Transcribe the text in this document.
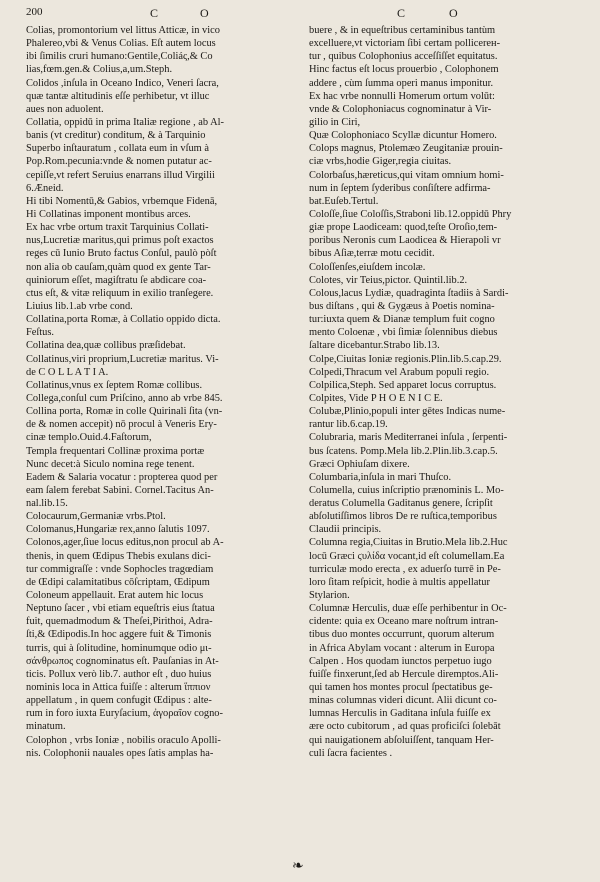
200	C	O	C	O
Colias, promontorium vel littus Atticæ, in vico
Phalereo,vbi & Venus Colias. Eſt autem locus
ibi ſimilis cruri humano:Gentile,Coliáς,& Co
lias,fœm.gen.& Colius,a,um.Steph.
Colidos ,inſula in Oceano Indico, Veneri ſacra,
quæ tantæ altitudinis eſſe perhibetur, vt illuc
aues non aduolent.
Collatia, oppidū in prima Italiæ regione , ab Al-
banis (vt creditur) conditum, & à Tarquinio
Superbo inſtauratum , collata eum in vſum à
Pop.Rom.pecunia:vnde & nomen putatur ac-
cepiſſe,vt refert Seruius enarrans illud Virgilii
6.Æneid.
Hi tibi Nomentū,& Gabios, vrbemque Fidenā,
Hi Collatinas imponent montibus arces.
Ex hac vrbe ortum traxit Tarquinius Collati-
nus,Lucretiæ maritus,qui primus poſt exactos
reges cū Iunio Bruto factus Conſul, paulò pòſt
non alia ob cauſam,quàm quod ex gente Tar-
quiniorum eſſet, magiſtratu ſe abdicare coa-
ctus eſt, & vitæ reliquum in exilio tranſegere.
Liuius lib.1.ab vrbe cond.
Collatina,porta Romæ, à Collatio oppido dicta.
Feſtus.
Collatina dea,quæ collibus præſidebat.
Collatinus,viri proprium,Lucretiæ maritus. Vi-
de C O L L A T I A.
Collatinus,vnus ex ſeptem Romæ collibus.
Collega,conſul cum Priſcino, anno ab vrbe 845.
Collina porta, Romæ in colle Quirinali ſita (vn-
de & nomen accepit) nō procul à Veneris Ery-
cinæ templo.Ouid.4.Faſtorum,
Templa frequentari Collinæ proxima portæ
Nunc decet:à Siculo nomina rege tenent.
Eadem & Salaria vocatur : propterea quod per
eam ſalem ferebat Sabini. Cornel.Tacitus An-
nal.lib.15.
Colocaurum,Germaniæ vrbs.Ptol.
Colomanus,Hungariæ rex,anno ſalutis 1097.
Colonos,ager,ſiue locus editus,non procul ab A-
thenis, in quem Œdipus Thebis exulans dici-
tur commigraſſe : vnde Sophocles tragœdiam
de Œdipi calamitatibus cōſcriptam, Œdipum
Coloneum appellauit. Erat autem hic locus
Neptuno ſacer , vbi etiam equeſtris eius ſtatua
fuit, quemadmodum & Theſei,Pirithoi, Adra-
ſti,& Œdipodis.In hoc aggere fuit & Timonis
turris, qui à ſolitudine, hominumque odio μι-
σάνθρωπος cognominatus eſt. Pauſanias in At-
ticis. Pollux verò lib.7. author eſt , duo huius
nominis loca in Attica fuiſſe : alterum ἵππιον
appellatum , in quem confugit Œdipus : alte-
rum in foro iuxta Euryſacium, ἀγοραῖον cogno-
minatum.
Colophon , vrbs Ioniæ , nobilis oraculo Apolli-
nis. Colophonii nauales opes ſatis amplas ha-
buere , & in equeſtribus certaminibus tantùm
excelluere,vt victoriam ſibi certam pollicerен-
tur , quibus Colophonius acceſſiſſet equitatus.
Hinc factus eſt locus prouerbio , Colophonem
addere , cùm ſumma operi manus imponitur.
Ex hac vrbe nonnulli Homerum ortum volūt:
vnde & Colophoniacus cognominatur à Vir-
gilio in Ciri,
Quæ Colophoniaco Scyllæ dicuntur Homero.
Colops magnus, Ptolemæo Zeugitaniæ prouin-
ciæ vrbs,hodie Giger,regia ciuitas.
Colorbaſus,hæreticus,qui vitam omnium homi-
num in ſeptem ſyderibus conſiſtere adfirma-
bat.Euſeb.Tertul.
Coloſſe,ſiue Coloſſis,Straboni lib.12.oppidū Phry
giæ prope Laodiceam: quod,teſte Oroſio,tem-
poribus Neronis cum Laodicea & Hierapoli vr
bibus Aſiæ,terræ motu cecidit.
Coloſſenſes,eiuſdem incolæ.
Colotes, vir Teius,pictor. Quintil.lib.2.
Colous,lacus Lydiæ, quadraginta ſtadiis à Sardi-
bus diſtans , qui & Gygæus à Poetis nomina-
tur:iuxta quem & Dianæ templum fuit cogno
mento Coloenæ , vbi ſimiæ ſolennibus diebus
ſaltare dicebantur.Strabo lib.13.
Colpe,Ciuitas Ioniæ regionis.Plin.lib.5.cap.29.
Colpedi,Thracum vel Arabum populi regio.
Colpilica,Steph. Sed apparet locus corruptus.
Colpites, Vide P H O E N I C E.
Colubæ,Plinio,populi inter gētes Indicas nume-
rantur lib.6.cap.19.
Colubraria, maris Mediterranei inſula , ſerpenti-
bus ſcatens. Pomp.Mela lib.2.Plin.lib.3.cap.5.
Græci Ophiuſam dixere.
Columbaria,inſula in mari Thuſco.
Columella, cuius inſcriptio prænominis L. Mo-
deratus Columella Gaditanus genere, ſcripſit
abſolutiſſimos libros De re ruſtica,temporibus
Claudii principis.
Columna regia,Ciuitas in Brutio.Mela lib.2.Huc
locū Græci ϛυλίδα vocant,id eſt columellam.Ea
turriculæ modo erecta , ex aduerſo turrē in Pe-
loro ſitam reſpicit, hodie à multis appellatur
Stylarion.
Columnæ Herculis, duæ eſſe perhibentur in Oc-
cidente: quia ex Oceano mare noſtrum intran-
tibus duo montes occurrunt, quorum alterum
in Africa Abylam vocant : alterum in Europa
Calpen . Hos quodam iunctos perpetuo iugo
fuiſſe finxerunt,ſed ab Hercule diremptos.Ali-
qui tamen hos montes procul ſpectatibus ge-
minas columnas videri dicunt. Alii dicunt co-
lumnas Herculis in Gaditana inſula fuiſſe ex
ære octo cubitorum , ad quas proficiſci ſolebāt
qui nauigationem abſoluiſſent, tanquam Her-
culi ſacra facientes .
❧
